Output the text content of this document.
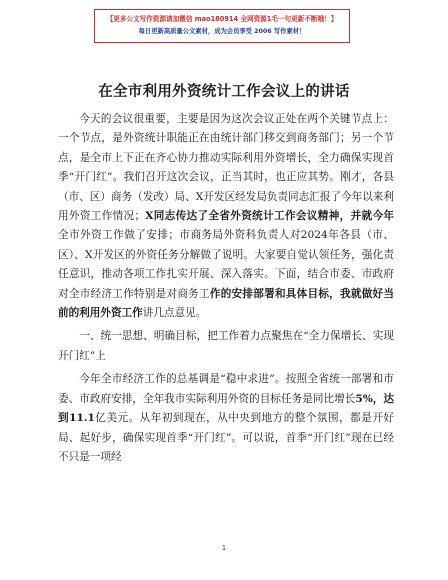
【更多公文写作资源请加微信 mao180914 全网资源1毛一句更新不断哦！】
每日更新高质量公文素材，成为会员享受 2006 写作素材！
在全市利用外资统计工作会议上的讲话

今天的会议很重要，主要是因为这次会议正处在两个关键节点上：一个节点，是外资统计职能正在由统计部门移交到商务部门；另一个节点，是全市上下正在齐心协力推动实际利用外资增长，全力确保实现首季“开门红”。我们召开这次会议，正当其时，也正应其势。刚才，各县（市、区）商务（发改）局、X开发区经发局负责同志汇报了今年以来利用外资工作情况；X同志传达了全省外资统计工作会议精神，并就今年全市外资工作做了安排；市商务局外资科负责人对2024年各县（市、区）、X开发区的外资任务分解做了说明。大家要自觉认领任务，强化责任意识，推动各项工作扎实开展、深入落实。下面，结合市委、市政府对全市经济工作特别是对商务工作的安排部署和具体目标，我就做好当前的利用外资工作讲几点意见。

一、统一思想、明确目标，把工作着力点聚焦在“全力保增长、实现开门红”上

今年全市经济工作的总基调是“稳中求进”。按照全省统一部署和市委、市政府安排，全年我市实际利用外资的目标任务是同比增长5%，达到11.1亿美元。从年初到现在，从中央到地方的整个氛围，都是开好局、起好步，确保实现首季“开门红”。可以说，首季“开门红”现在已经不只是一项经

1
